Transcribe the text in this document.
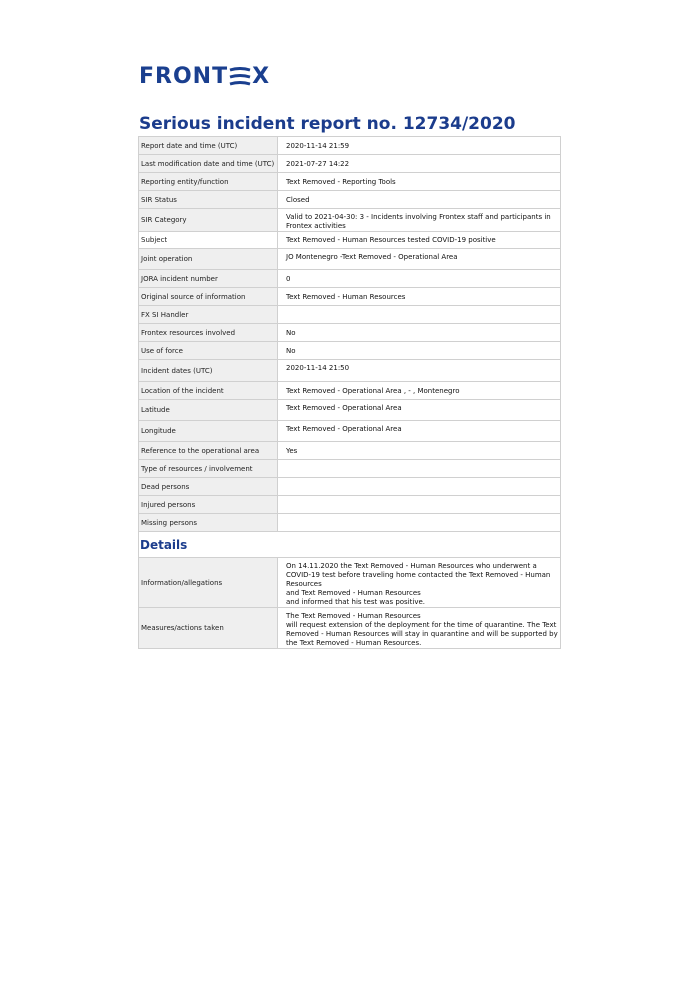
FRONT X
Serious incident report no. 12734/2020
Report date and time (UTC)	2020-11-14 21:59
Last modification date and time (UTC)	2021-07-27 14:22
Reporting entity/function	Text Removed - Reporting Tools
SIR Status	Closed
SIR Category	Valid to 2021-04-30: 3 - Incidents involving Frontex staff and participants in Frontex activities
Subject	Text Removed - Human Resources tested COVID-19 positive
Joint operation	JO Montenegro -Text Removed - Operational Area
JORA incident number	0
Original source of information	Text Removed - Human Resources
FX SI Handler	
Frontex resources involved	No
Use of force	No
Incident dates (UTC)	2020-11-14 21:50
Location of the incident	Text Removed - Operational Area , - , Montenegro
Latitude	Text Removed - Operational Area
Longitude	Text Removed - Operational Area
Reference to the operational area	Yes
Type of resources / involvement	
Dead persons	
Injured persons	
Missing persons	

Details	

Information/allegations	On 14.11.2020 the Text Removed - Human Resources who underwent a COVID-19 test before traveling home contacted the Text Removed - Human Resources
and Text Removed - Human Resources
and informed that his test was positive.
Measures/actions taken	The Text Removed - Human Resources
will request extension of the deployment for the time of quarantine. The Text Removed - Human Resources will stay in quarantine and will be supported by the Text Removed - Human Resources.
